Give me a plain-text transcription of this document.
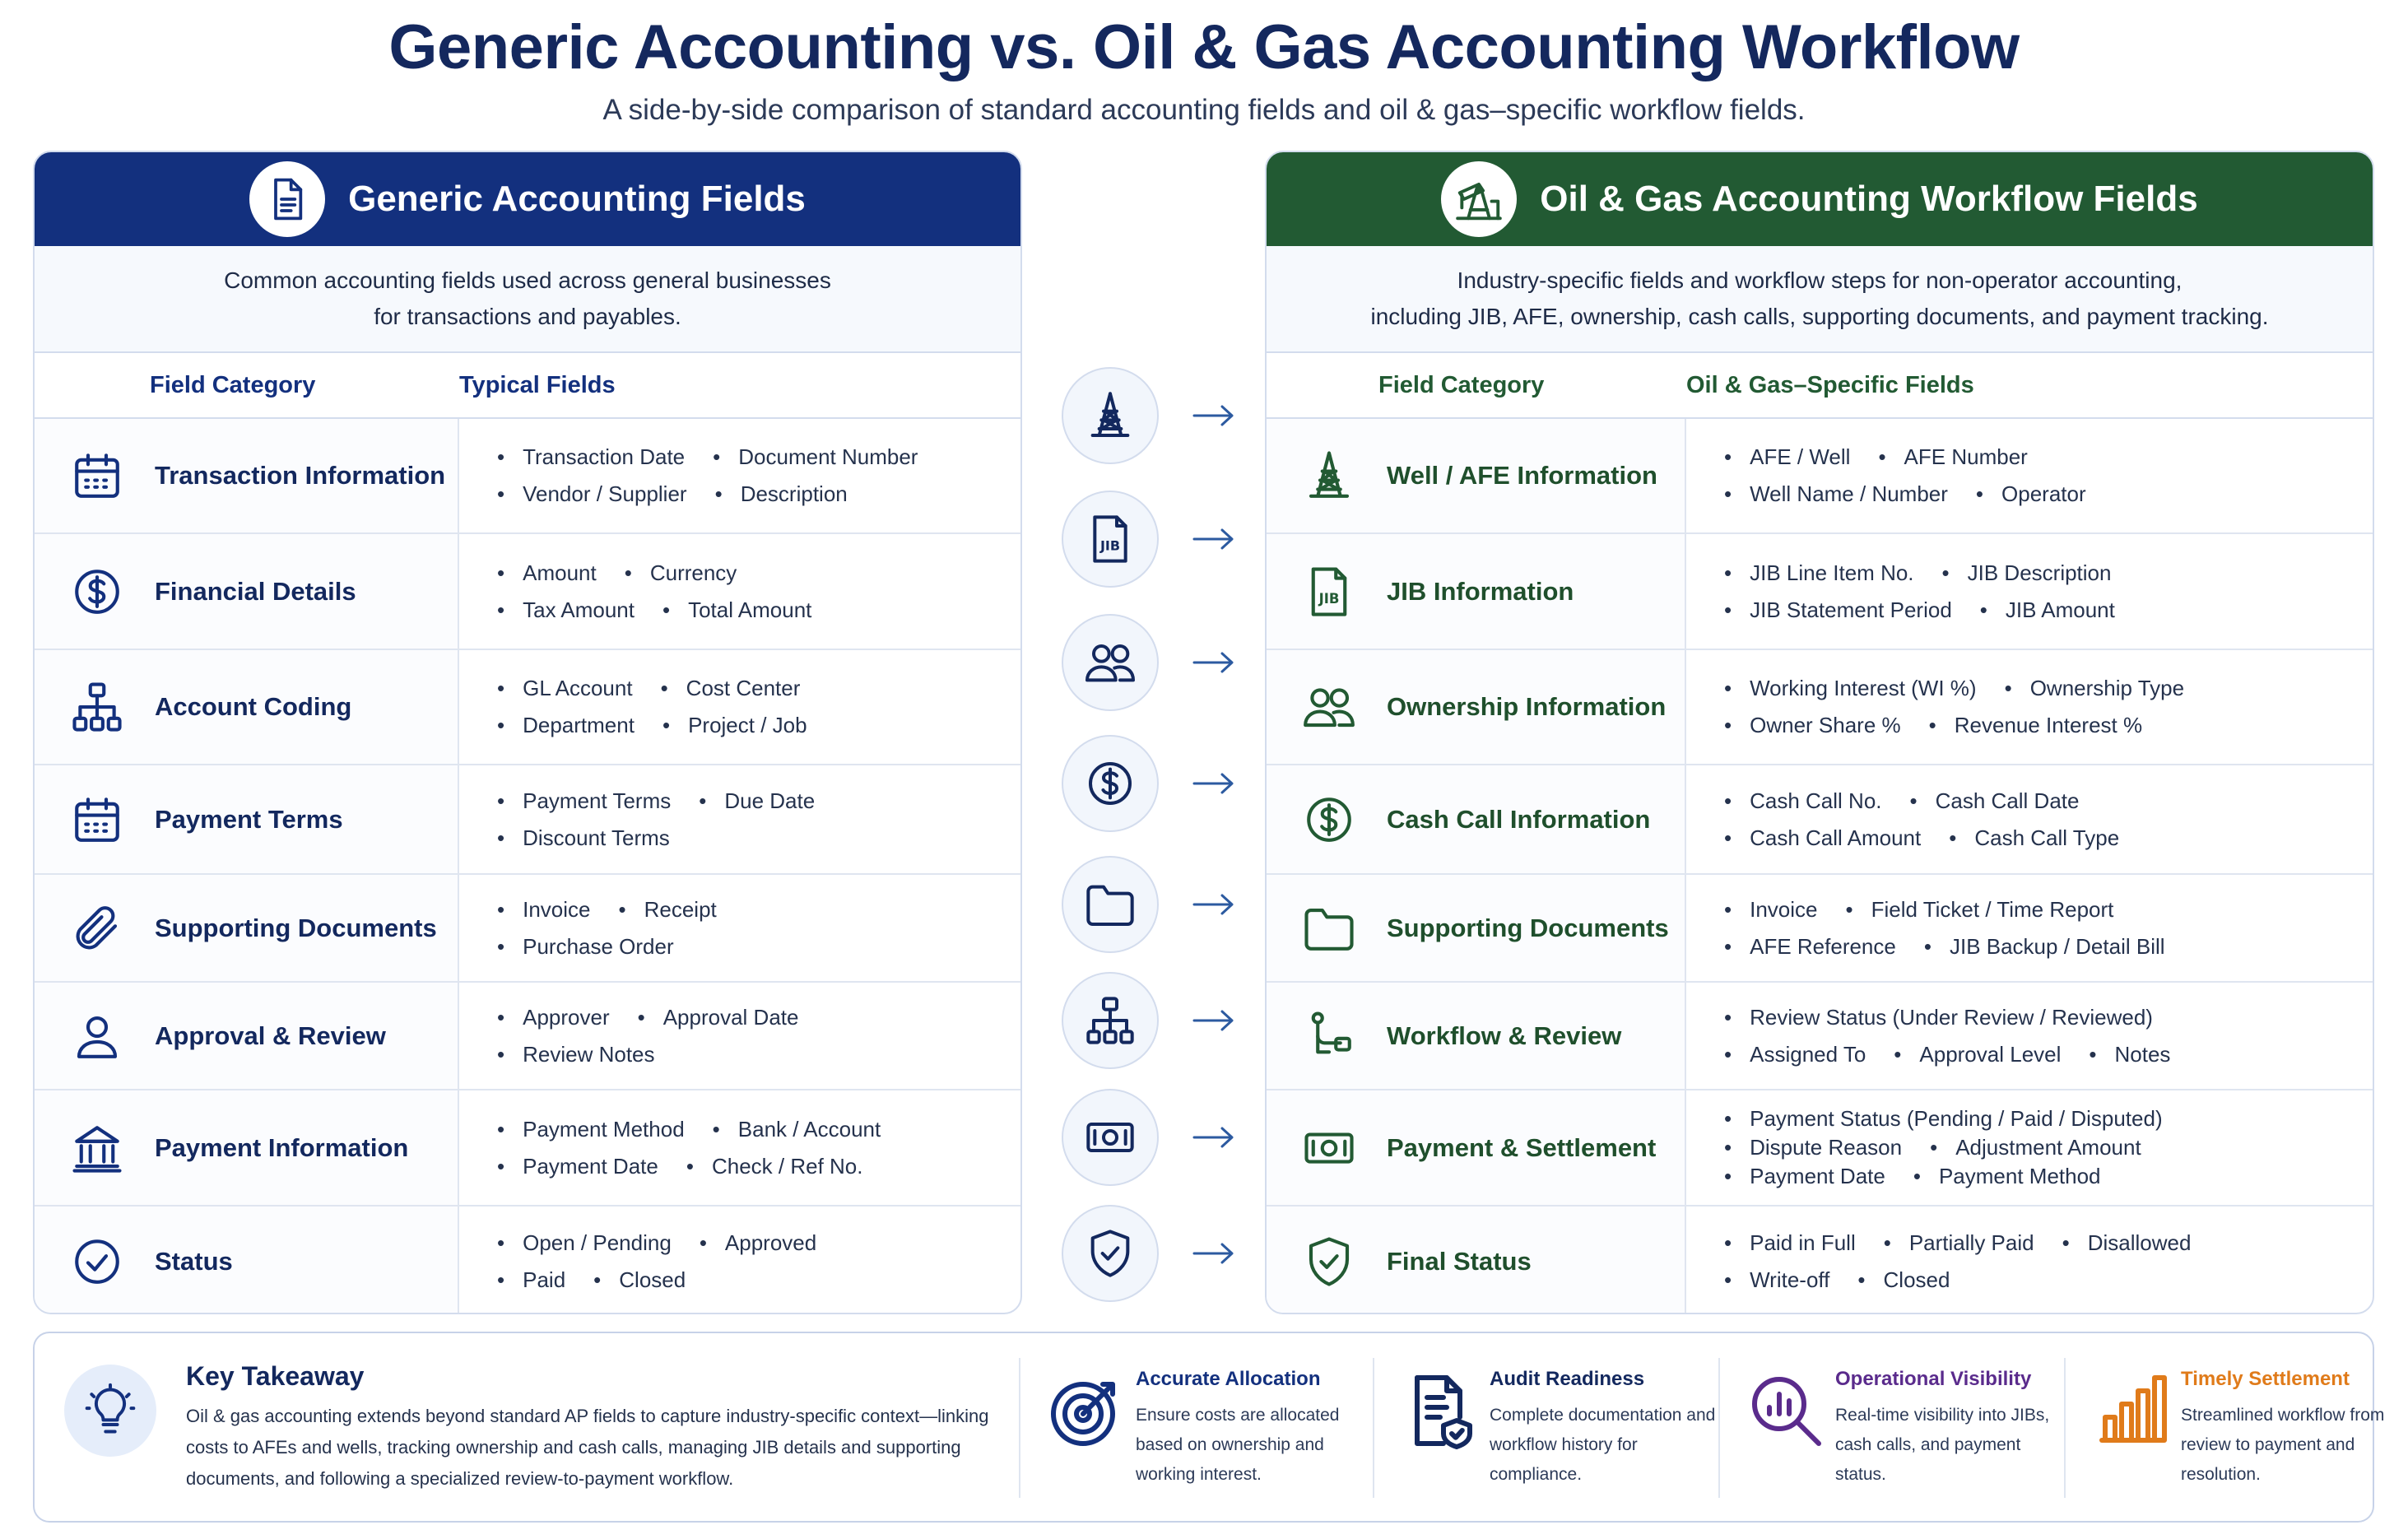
Generic Accounting vs. Oil & Gas Accounting Workflow
A side-by-side comparison of standard accounting fields and oil & gas–specific workflow fields.
Generic Accounting Fields
Common accounting fields used across general businesses
for transactions and payables.
Field Category	Typical Fields
Transaction Information
• Transaction Date	• Document Number
• Vendor / Supplier	• Description
Financial Details
• Amount	• Currency
• Tax Amount	• Total Amount
Account Coding
• GL Account	• Cost Center
• Department	• Project / Job
Payment Terms
• Payment Terms	• Due Date
• Discount Terms
Supporting Documents
• Invoice	• Receipt
• Purchase Order
Approval & Review
• Approver	• Approval Date
• Review Notes
Payment Information
• Payment Method	• Bank / Account
• Payment Date	• Check / Ref No.
Status
• Open / Pending	• Approved
• Paid	• Closed
JIB
Oil & Gas Accounting Workflow Fields
Industry-specific fields and workflow steps for non-operator accounting,
including JIB, AFE, ownership, cash calls, supporting documents, and payment tracking.
Field Category	Oil & Gas–Specific Fields
Well / AFE Information
• AFE / Well	• AFE Number
• Well Name / Number	• Operator
JIB JIB Information
• JIB Line Item No.	• JIB Description
• JIB Statement Period	• JIB Amount
Ownership Information
• Working Interest (WI %)	• Ownership Type
• Owner Share %	• Revenue Interest %
Cash Call Information
• Cash Call No.	• Cash Call Date
• Cash Call Amount	• Cash Call Type
Supporting Documents
• Invoice	• Field Ticket / Time Report
• AFE Reference	• JIB Backup / Detail Bill
Workflow & Review
• Review Status (Under Review / Reviewed)
• Assigned To	• Approval Level	• Notes
Payment & Settlement
• Payment Status (Pending / Paid / Disputed)
• Dispute Reason	• Adjustment Amount
• Payment Date	• Payment Method
Final Status
• Paid in Full	• Partially Paid	• Disallowed
• Write-off	• Closed
Key Takeaway
Oil & gas accounting extends beyond standard AP fields to capture industry-specific context—linking costs to AFEs and wells, tracking ownership and cash calls, managing JIB details and supporting documents, and following a specialized review-to-payment workflow.
Accurate Allocation
Ensure costs are allocated based on ownership and working interest.
Audit Readiness
Complete documentation and workflow history for compliance.
Operational Visibility
Real-time visibility into JIBs, cash calls, and payment status.
Timely Settlement
Streamlined workflow from review to payment and resolution.
